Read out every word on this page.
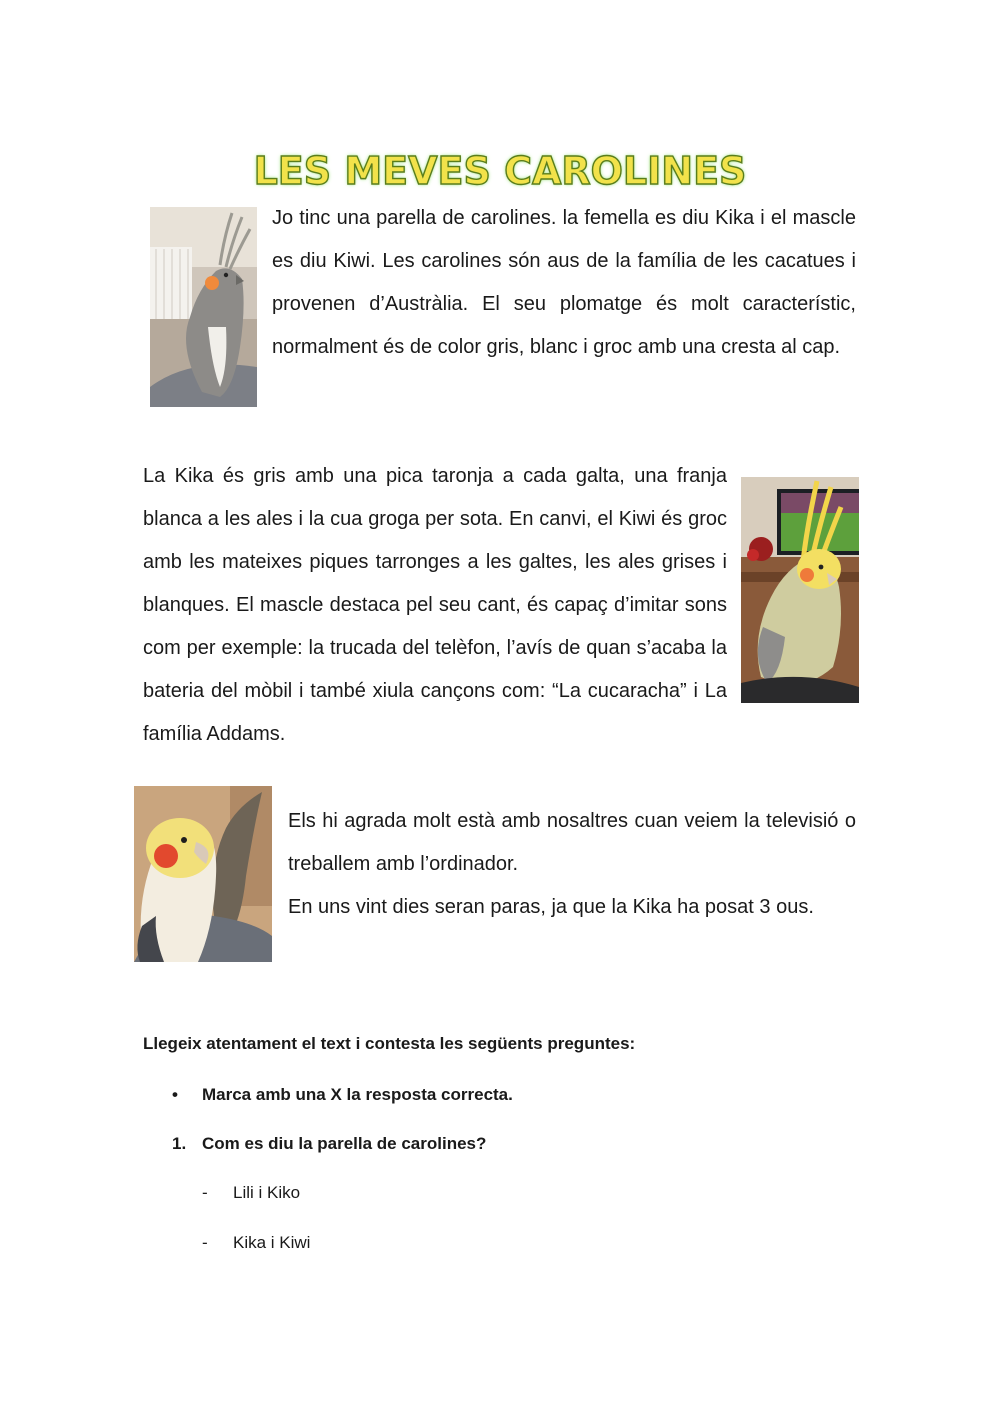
LES MEVES CAROLINES

Jo tinc una parella de carolines. la femella es diu Kika i el mascle es diu Kiwi. Les carolines són aus de la família de les cacatues i provenen d’Austràlia. El seu plomatge és molt característic, normalment és de color gris, blanc i groc amb una cresta al cap.

La Kika és gris amb una pica taronja a cada galta, una franja blanca a les ales i la cua groga per sota. En canvi, el Kiwi és groc amb les mateixes piques tarronges a les galtes, les ales grises i blanques. El mascle destaca pel seu cant, és capaç d’imitar sons com per exemple: la trucada del telèfon, l’avís de quan s’acaba la bateria del mòbil i també xiula cançons com: “La cucaracha” i La família Addams.

Els hi agrada molt està amb nosaltres cuan veiem la televisió o treballem amb l’ordinador.
En uns vint dies seran paras, ja que la Kika ha posat 3 ous.

Llegeix atentament el text i contesta les següents preguntes:

• Marca amb una X la resposta correcta.

1. Com es diu la parella de carolines?

- Lili i Kiko

- Kika i Kiwi
